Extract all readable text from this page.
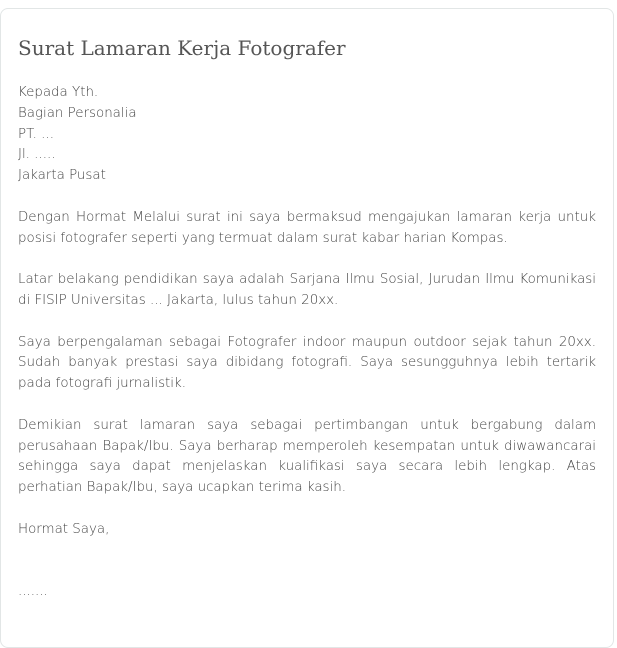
Surat Lamaran Kerja Fotografer

Kepada Yth.
Bagian Personalia
PT. ...
Jl. .....
Jakarta Pusat

Dengan Hormat Melalui surat ini saya bermaksud mengajukan lamaran kerja untuk posisi fotografer seperti yang termuat dalam surat kabar harian Kompas.

Latar belakang pendidikan saya adalah Sarjana Ilmu Sosial, Jurudan Ilmu Komunikasi di FISIP Universitas ... Jakarta, lulus tahun 20xx.

Saya berpengalaman sebagai Fotografer indoor maupun outdoor sejak tahun 20xx. Sudah banyak prestasi saya dibidang fotografi. Saya sesungguhnya lebih tertarik pada fotografi jurnalistik.

Demikian surat lamaran saya sebagai pertimbangan untuk bergabung dalam perusahaan Bapak/Ibu. Saya berharap memperoleh kesempatan untuk diwawancarai sehingga saya dapat menjelaskan kualifikasi saya secara lebih lengkap. Atas perhatian Bapak/Ibu, saya ucapkan terima kasih.

Hormat Saya,
.......
